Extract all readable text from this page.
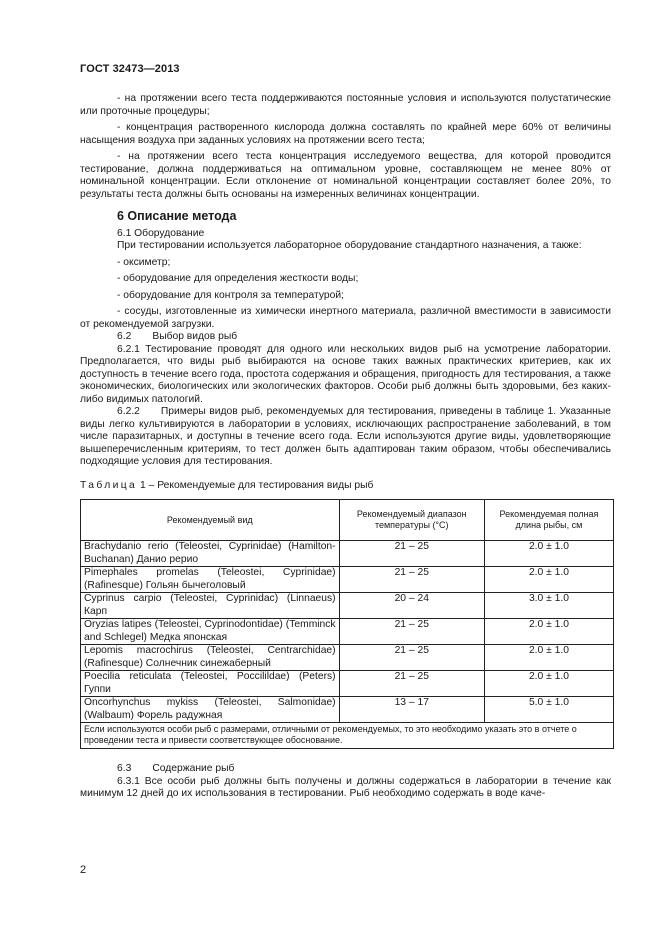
ГОСТ 32473—2013

- на протяжении всего теста поддерживаются постоянные условия и используются полустатические или проточные процедуры;

- концентрация растворенного кислорода должна составлять по крайней мере 60% от величины насыщения воздуха при заданных условиях на протяжении всего теста;

- на протяжении всего теста концентрация исследуемого вещества, для которой проводится тестирование, должна поддерживаться на оптимальном уровне, составляющем не менее 80% от номинальной концентрации. Если отклонение от номинальной концентрации составляет более 20%, то результаты теста должны быть основаны на измеренных величинах концентрации.

6 Описание метода

6.1 Оборудование

При тестировании используется лабораторное оборудование стандартного назначения, а также:

- оксиметр;

- оборудование для определения жесткости воды;

- оборудование для контроля за температурой;

- сосуды, изготовленные из химически инертного материала, различной вместимости в зависимости от рекомендуемой загрузки.

6.2 Выбор видов рыб

6.2.1 Тестирование проводят для одного или нескольких видов рыб на усмотрение лаборатории. Предполагается, что виды рыб выбираются на основе таких важных практических критериев, как их доступность в течение всего года, простота содержания и обращения, пригодность для тестирования, а также экономических, биологических или экологических факторов. Особи рыб должны быть здоровыми, без каких-либо видимых патологий.

6.2.2 Примеры видов рыб, рекомендуемых для тестирования, приведены в таблице 1. Указанные виды легко культивируются в лаборатории в условиях, исключающих распространение заболеваний, в том числе паразитарных, и доступны в течение всего года. Если используются другие виды, удовлетворяющие вышеперечисленным критериям, то тест должен быть адаптирован таким образом, чтобы обеспечивались подходящие условия для тестирования.

Таблица 1 – Рекомендуемые для тестирования виды рыб

Рекомендуемый вид	Рекомендуемый диапазон температуры (°С)	Рекомендуемая полная длина рыбы, см
Brachydanio rerio (Teleostei, Cyprinidae) (Hamilton-Buchanan) Данио рерио	21 – 25	2.0 ± 1.0
Pimephales promelas (Teleostei, Cyprinidae) (Rafinesque) Гольян бычеголовый	21 – 25	2.0 ± 1.0
Cyprinus carpio (Teleostei, Cyprinidac) (Linnaeus) Карп	20 – 24	3.0 ± 1.0
Oryzias latipes (Teleostei, Cyprinodontidae) (Temminck and Schlegel) Медка японская	21 – 25	2.0 ± 1.0
Lepomis macrochirus (Teleostei, Centrarchidae) (Rafinesque) Солнечник синежаберный	21 – 25	2.0 ± 1.0
Poecilia reticulata (Teleostei, Poccilildae) (Peters) Гуппи	21 – 25	2.0 ± 1.0
Oncorhynchus mykiss (Teleostei, Salmonidae) (Walbaum) Форель радужная	13 – 17	5.0 ± 1.0
Если используются особи рыб с размерами, отличными от рекомендуемых, то это необходимо указать это в отчете о проведении теста и привести соответствующее обоснование.		

6.3 Содержание рыб

6.3.1 Все особи рыб должны быть получены и должны содержаться в лаборатории в течение как минимум 12 дней до их использования в тестировании. Рыб необходимо содержать в воде каче-

2
